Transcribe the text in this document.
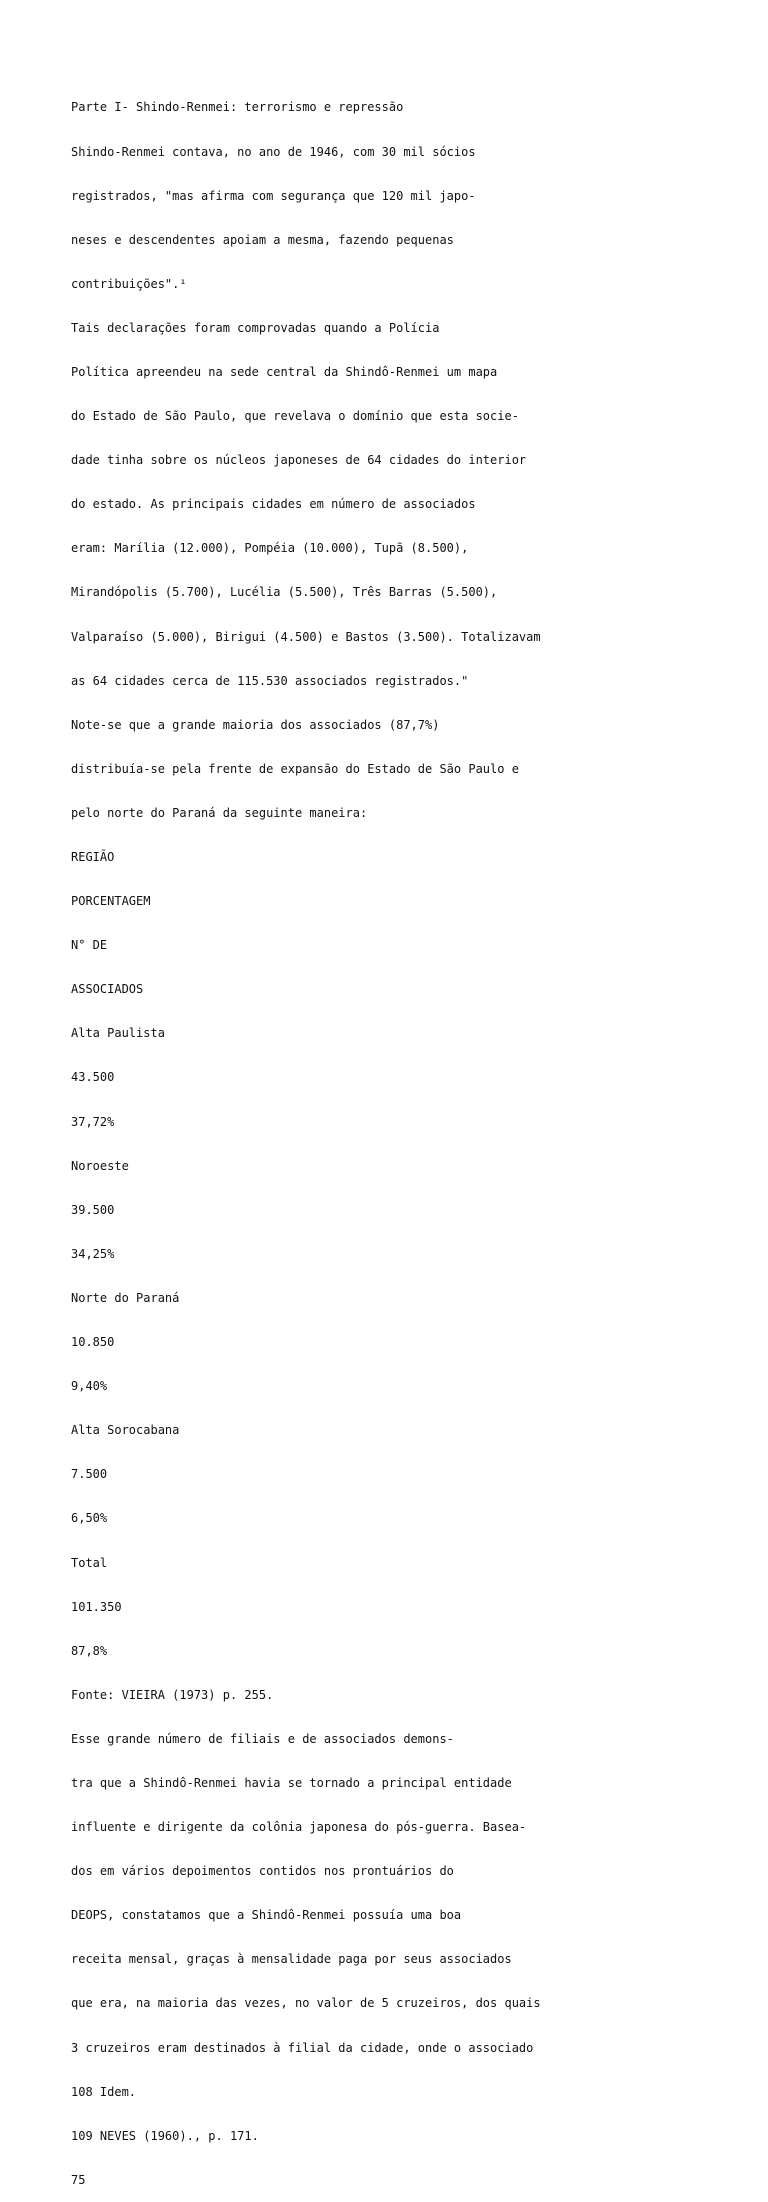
Parte I- Shindo-Renmei: terrorismo e repressão

Shindo-Renmei contava, no ano de 1946, com 30 mil sócios

registrados, "mas afirma com segurança que 120 mil japo-

neses e descendentes apoiam a mesma, fazendo pequenas

contribuições".¹

Tais declarações foram comprovadas quando a Polícia

Política apreendeu na sede central da Shindô-Renmei um mapa

do Estado de São Paulo, que revelava o domínio que esta socie-

dade tinha sobre os núcleos japoneses de 64 cidades do interior

do estado. As principais cidades em número de associados

eram: Marília (12.000), Pompéia (10.000), Tupã (8.500),

Mirandópolis (5.700), Lucélia (5.500), Três Barras (5.500),

Valparaíso (5.000), Birigui (4.500) e Bastos (3.500). Totalizavam

as 64 cidades cerca de 115.530 associados registrados."

Note-se que a grande maioria dos associados (87,7%)

distribuía-se pela frente de expansão do Estado de São Paulo e

pelo norte do Paraná da seguinte maneira:

REGIÃO

PORCENTAGEM

N° DE

ASSOCIADOS

Alta Paulista

43.500

37,72%

Noroeste

39.500

34,25%

Norte do Paraná

10.850

9,40%

Alta Sorocabana

7.500

6,50%

Total

101.350

87,8%

Fonte: VIEIRA (1973) p. 255.

Esse grande número de filiais e de associados demons-

tra que a Shindô-Renmei havia se tornado a principal entidade

influente e dirigente da colônia japonesa do pós-guerra. Basea-

dos em vários depoimentos contidos nos prontuários do

DEOPS, constatamos que a Shindô-Renmei possuía uma boa

receita mensal, graças à mensalidade paga por seus associados

que era, na maioria das vezes, no valor de 5 cruzeiros, dos quais

3 cruzeiros eram destinados à filial da cidade, onde o associado

108 Idem.

109 NEVES (1960)., p. 171.

75
